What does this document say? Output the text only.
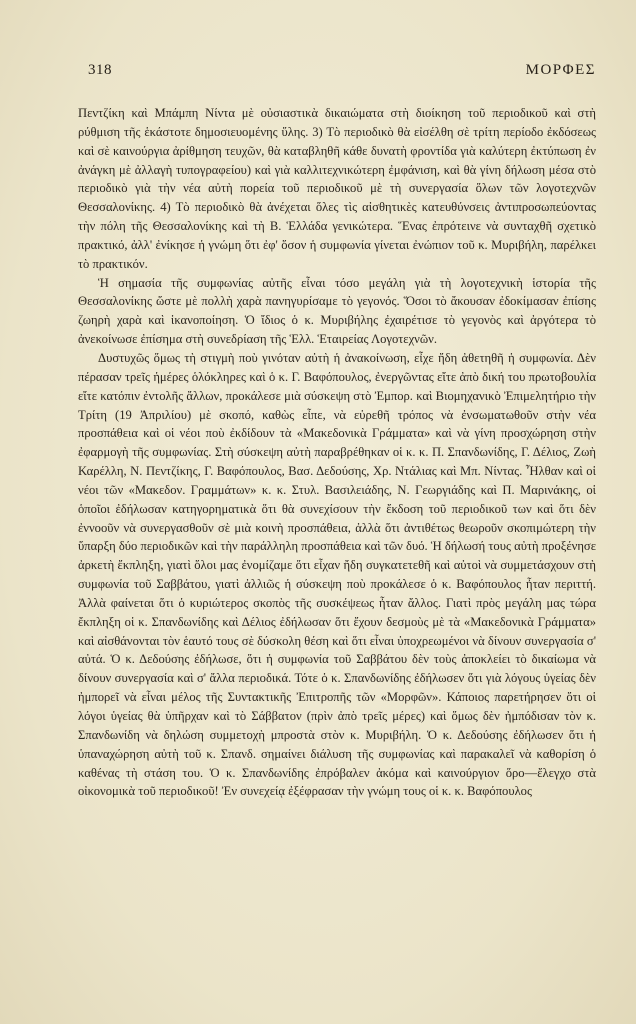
318	ΜΟΡΦΕΣ

Πεντζίκη καὶ Μπάμπη Νίντα μὲ οὐσιαστικὰ δικαιώματα στὴ διοίκηση τοῦ περιοδικοῦ καὶ στὴ ρύθμιση τῆς ἑκάστοτε δημοσιευομένης ὕλης. 3) Τὸ περιοδικὸ θὰ εἰσέλθη σὲ τρίτη περίοδο ἐκδόσεως καὶ σὲ καινούργια ἀρίθμηση τευχῶν, θὰ καταβληθῆ κάθε δυνατὴ φροντίδα γιὰ καλύτερη ἐκτύπωση ἐν ἀνάγκη μὲ ἀλλαγὴ τυπογραφείου) καὶ γιὰ καλλιτεχνικώτερη ἐμφάνιση, καὶ θὰ γίνη δήλωση μέσα στὸ περιοδικὸ γιὰ τὴν νέα αὐτὴ πορεία τοῦ περιοδικοῦ μὲ τὴ συνεργασία ὅλων τῶν λογοτεχνῶν Θεσσαλονίκης. 4) Τὸ περιοδικὸ θὰ ἀνέχεται ὅλες τὶς αἰσθητικὲς κατευθύνσεις ἀντιπροσωπεύοντας τὴν πόλη τῆς Θεσσαλονίκης καὶ τὴ Β. Ἑλλάδα γενικώτερα. Ἕνας ἐπρότεινε νὰ συνταχθῆ σχετικὸ πρακτικό, ἀλλ' ἐνίκησε ἡ γνώμη ὅτι ἐφ' ὅσον ἡ συμφωνία γίνεται ἐνώπιον τοῦ κ. Μυριβήλη, παρέλκει τὸ πρακτικόν.

Ἡ σημασία τῆς συμφωνίας αὐτῆς εἶναι τόσο μεγάλη γιὰ τὴ λογοτεχνικὴ ἱστορία τῆς Θεσσαλονίκης ὥστε μὲ πολλὴ χαρὰ πανηγυρίσαμε τὸ γεγονός. Ὅσοι τὸ ἄκουσαν ἐδοκίμασαν ἐπίσης ζωηρὴ χαρὰ καὶ ἱκανοποίηση. Ὁ ἴδιος ὁ κ. Μυριβήλης ἐχαιρέτισε τὸ γεγονὸς καὶ ἀργότερα τὸ ἀνεκοίνωσε ἐπίσημα στὴ συνεδρίαση τῆς Ἑλλ. Ἑταιρείας Λογοτεχνῶν.

Δυστυχῶς ὅμως τὴ στιγμὴ ποὺ γινόταν αὐτὴ ἡ ἀνακοίνωση, εἶχε ἤδη ἀθετηθῆ ἡ συμφωνία. Δὲν πέρασαν τρεῖς ἡμέρες ὁλόκληρες καὶ ὁ κ. Γ. Βαφόπουλος, ἐνεργῶντας εἴτε ἀπὸ δική του πρωτοβουλία εἴτε κατόπιν ἐντολῆς ἄλλων, προκάλεσε μιὰ σύσκεψη στὸ Ἐμπορ. καὶ Βιομηχανικὸ Ἐπιμελητήριο τὴν Τρίτη (19 Ἀπριλίου) μὲ σκοπό, καθὼς εἶπε, νὰ εὑρεθῆ τρόπος νὰ ἐνσωματωθοῦν στὴν νέα προσπάθεια καὶ οἱ νέοι ποὺ ἐκδίδουν τὰ «Μακεδονικὰ Γράμματα» καὶ νὰ γίνη προσχώρηση στὴν ἐφαρμογὴ τῆς συμφωνίας. Στὴ σύσκεψη αὐτὴ παραβρέθηκαν οἱ κ. κ. Π. Σπανδωνίδης, Γ. Δέλιος, Ζωὴ Καρέλλη, Ν. Πεντζίκης, Γ. Βαφόπουλος, Βασ. Δεδούσης, Χρ. Ντάλιας καὶ Μπ. Νίντας. Ἦλθαν καὶ οἱ νέοι τῶν «Μακεδον. Γραμμάτων» κ. κ. Στυλ. Βασιλειάδης, Ν. Γεωργιάδης καὶ Π. Μαρινάκης, οἱ ὁποῖοι ἐδήλωσαν κατηγορηματικὰ ὅτι θὰ συνεχίσουν τὴν ἔκδοση τοῦ περιοδικοῦ των καὶ ὅτι δὲν ἐννοοῦν νὰ συνεργασθοῦν σὲ μιὰ κοινὴ προσπάθεια, ἀλλὰ ὅτι ἀντιθέτως θεωροῦν σκοπιμώτερη τὴν ὕπαρξη δύο περιοδικῶν καὶ τὴν παράλληλη προσπάθεια καὶ τῶν δυό. Ἡ δήλωσή τους αὐτὴ προξένησε ἀρκετὴ ἔκπληξη, γιατὶ ὅλοι μας ἐνομίζαμε ὅτι εἶχαν ἤδη συγκατετεθῆ καὶ αὐτοὶ νὰ συμμετάσχουν στὴ συμφωνία τοῦ Σαββάτου, γιατὶ ἀλλιῶς ἡ σύσκεψη ποὺ προκάλεσε ὁ κ. Βαφόπουλος ἦταν περιττή. Ἀλλὰ φαίνεται ὅτι ὁ κυριώτερος σκοπὸς τῆς συσκέψεως ἦταν ἄλλος. Γιατὶ πρὸς μεγάλη μας τώρα ἔκπληξη οἱ κ. Σπανδωνίδης καὶ Δέλιος ἐδήλωσαν ὅτι ἔχουν δεσμοὺς μὲ τὰ «Μακεδονικὰ Γράμματα» καὶ αἰσθάνονται τὸν ἑαυτό τους σὲ δύσκολη θέση καὶ ὅτι εἶναι ὑποχρεωμένοι νὰ δίνουν συνεργασία σ' αὐτά. Ὁ κ. Δεδούσης ἐδήλωσε, ὅτι ἡ συμφωνία τοῦ Σαββάτου δὲν τοὺς ἀποκλείει τὸ δικαίωμα νὰ δίνουν συνεργασία καὶ σ' ἄλλα περιοδικά. Τότε ὁ κ. Σπανδωνίδης ἐδήλωσεν ὅτι γιὰ λόγους ὑγείας δὲν ἠμπορεῖ νὰ εἶναι μέλος τῆς Συντακτικῆς Ἐπιτροπῆς τῶν «Μορφῶν». Κάποιος παρετήρησεν ὅτι οἱ λόγοι ὑγείας θὰ ὑπῆρχαν καὶ τὸ Σάββατον (πρὶν ἀπὸ τρεῖς μέρες) καὶ ὅμως δὲν ἠμπόδισαν τὸν κ. Σπανδωνίδη νὰ δηλώση συμμετοχὴ μπροστὰ στὸν κ. Μυριβήλη. Ὁ κ. Δεδούσης ἐδήλωσεν ὅτι ἡ ὑπαναχώρηση αὐτὴ τοῦ κ. Σπανδ. σημαίνει διάλυση τῆς συμφωνίας καὶ παρακαλεῖ νὰ καθορίση ὁ καθένας τὴ στάση του. Ὁ κ. Σπανδωνίδης ἐπρόβαλεν ἀκόμα καὶ καινούργιον ὅρο—ἔλεγχο στὰ οἰκονομικὰ τοῦ περιοδικοῦ! Ἐν συνεχείᾳ ἐξέφρασαν τὴν γνώμη τους οἱ κ. κ. Βαφόπουλος
